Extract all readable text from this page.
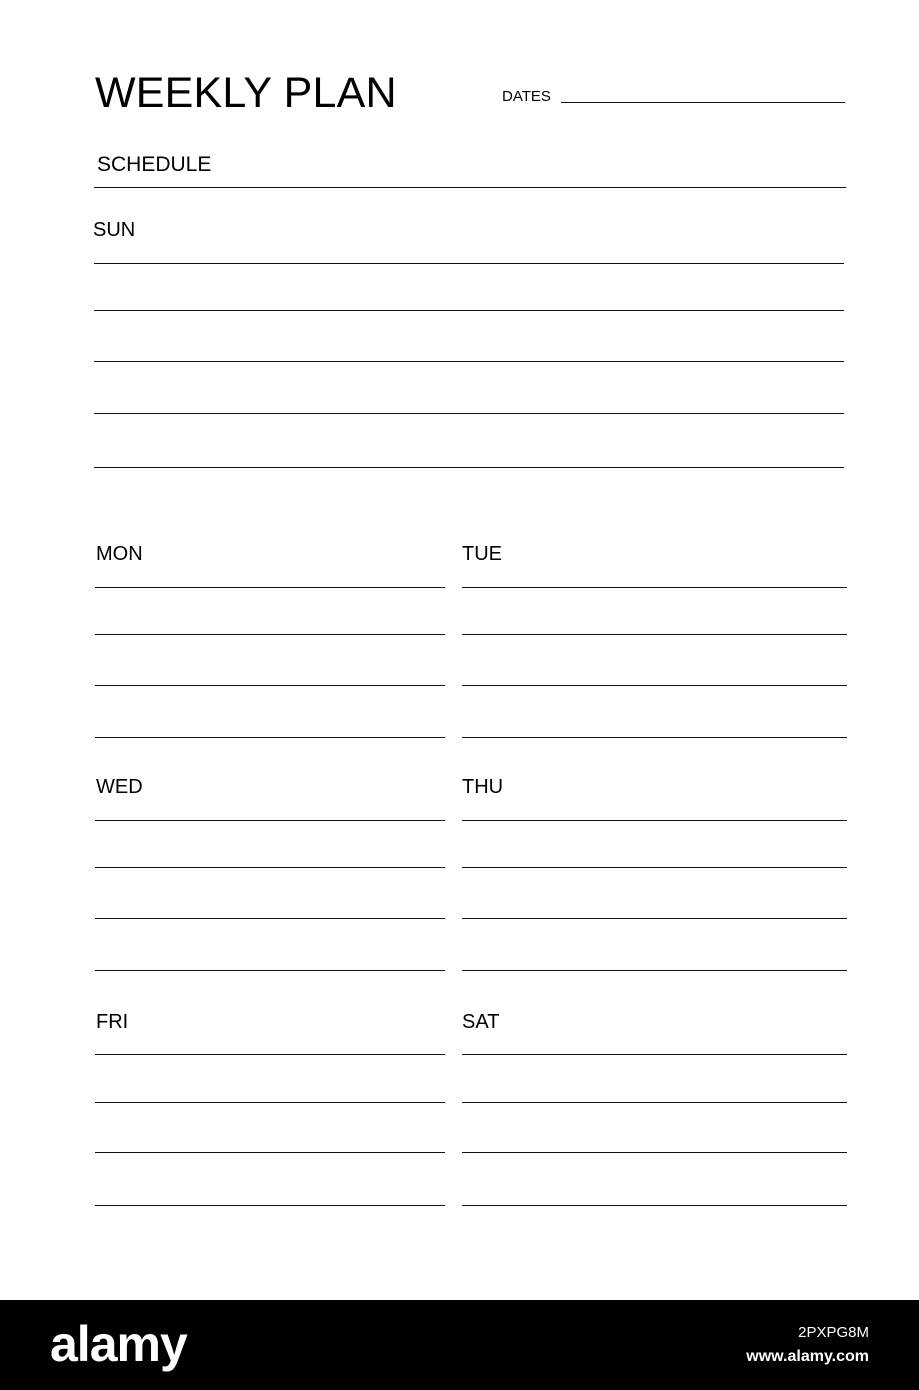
WEEKLY PLAN	DATES
SCHEDULE
SUN
MON	TUE
WED	THU
FRI	SAT
alamy	2PXPG8M
www.alamy.com
